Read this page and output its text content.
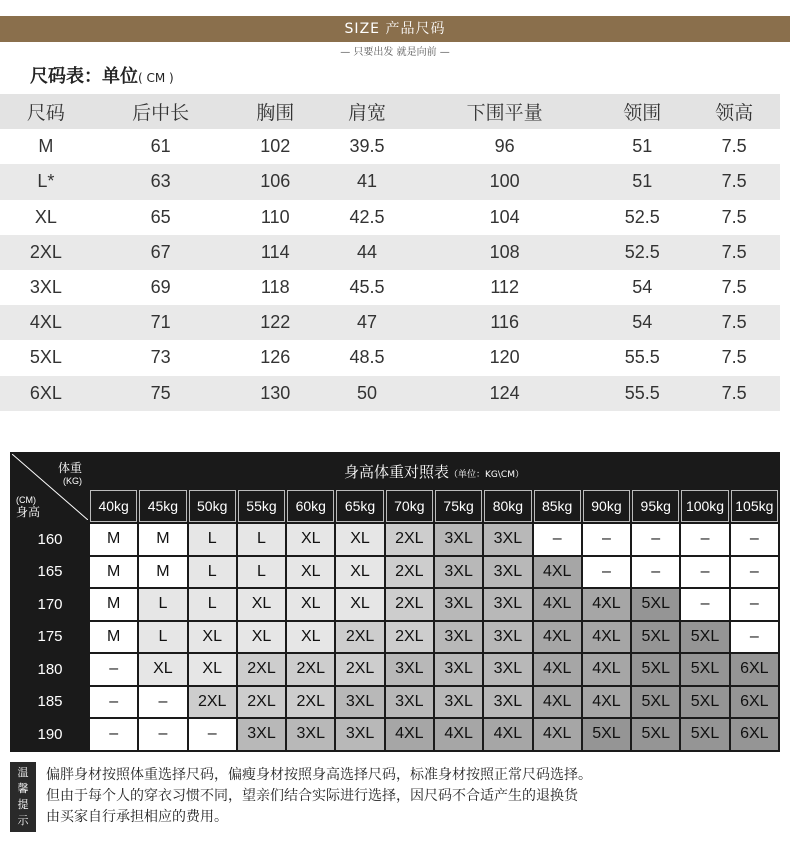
SIZE 产品尺码
— 只要出发 就是向前 —
尺码表：单位( CM )
尺码	后中长	胸围	肩宽	下围平量	领围	领高
M	61	102	39.5	96	51	7.5
L*	63	106	41	100	51	7.5
XL	65	110	42.5	104	52.5	7.5
2XL	67	114	44	108	52.5	7.5
3XL	69	118	45.5	112	54	7.5
4XL	71	122	47	116	54	7.5
5XL	73	126	48.5	120	55.5	7.5
6XL	75	130	50	124	55.5	7.5
体重
(KG)
(CM)
身高	身高体重对照表（单位：KG\CM）													
	40kg	45kg	50kg	55kg	60kg	65kg	70kg	75kg	80kg	85kg	90kg	95kg	100kg	105kg
160	M	M	L	L	XL	XL	2XL	3XL	3XL	–	–	–	–	–
165	M	M	L	L	XL	XL	2XL	3XL	3XL	4XL	–	–	–	–
170	M	L	L	XL	XL	XL	2XL	3XL	3XL	4XL	4XL	5XL	–	–
175	M	L	XL	XL	XL	2XL	2XL	3XL	3XL	4XL	4XL	5XL	5XL	–
180	–	XL	XL	2XL	2XL	2XL	3XL	3XL	3XL	4XL	4XL	5XL	5XL	6XL
185	–	–	2XL	2XL	2XL	3XL	3XL	3XL	3XL	4XL	4XL	5XL	5XL	6XL
190	–	–	–	3XL	3XL	3XL	4XL	4XL	4XL	4XL	5XL	5XL	5XL	6XL
温
馨
提
示
偏胖身材按照体重选择尺码，偏瘦身材按照身高选择尺码，标准身材按照正常尺码选择。
但由于每个人的穿衣习惯不同，望亲们结合实际进行选择，因尺码不合适产生的退换货
由买家自行承担相应的费用。
